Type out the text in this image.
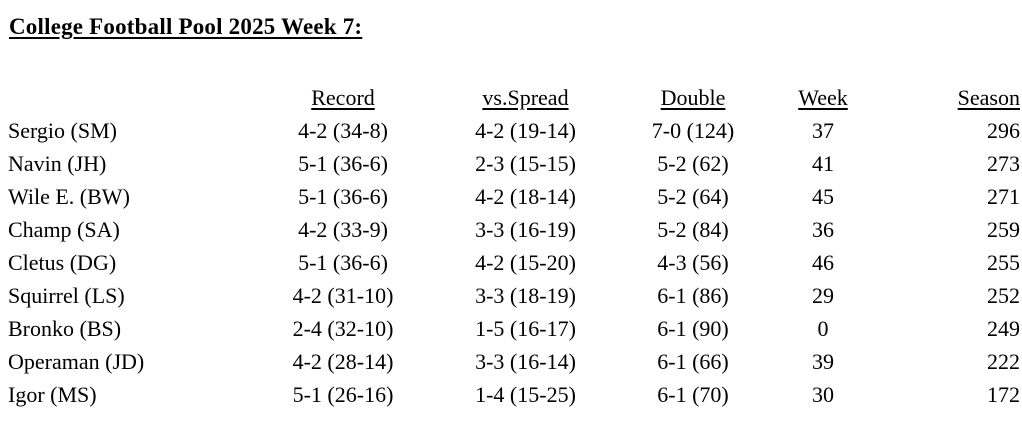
College Football Pool 2025 Week 7:
	Record	vs.Spread	Double	Week	Season
Sergio (SM)	4-2 (34-8)	4-2 (19-14)	7-0 (124)	37	296
Navin (JH)	5-1 (36-6)	2-3 (15-15)	5-2 (62)	41	273
Wile E. (BW)	5-1 (36-6)	4-2 (18-14)	5-2 (64)	45	271
Champ (SA)	4-2 (33-9)	3-3 (16-19)	5-2 (84)	36	259
Cletus (DG)	5-1 (36-6)	4-2 (15-20)	4-3 (56)	46	255
Squirrel (LS)	4-2 (31-10)	3-3 (18-19)	6-1 (86)	29	252
Bronko (BS)	2-4 (32-10)	1-5 (16-17)	6-1 (90)	0	249
Operaman (JD)	4-2 (28-14)	3-3 (16-14)	6-1 (66)	39	222
Igor (MS)	5-1 (26-16)	1-4 (15-25)	6-1 (70)	30	172
